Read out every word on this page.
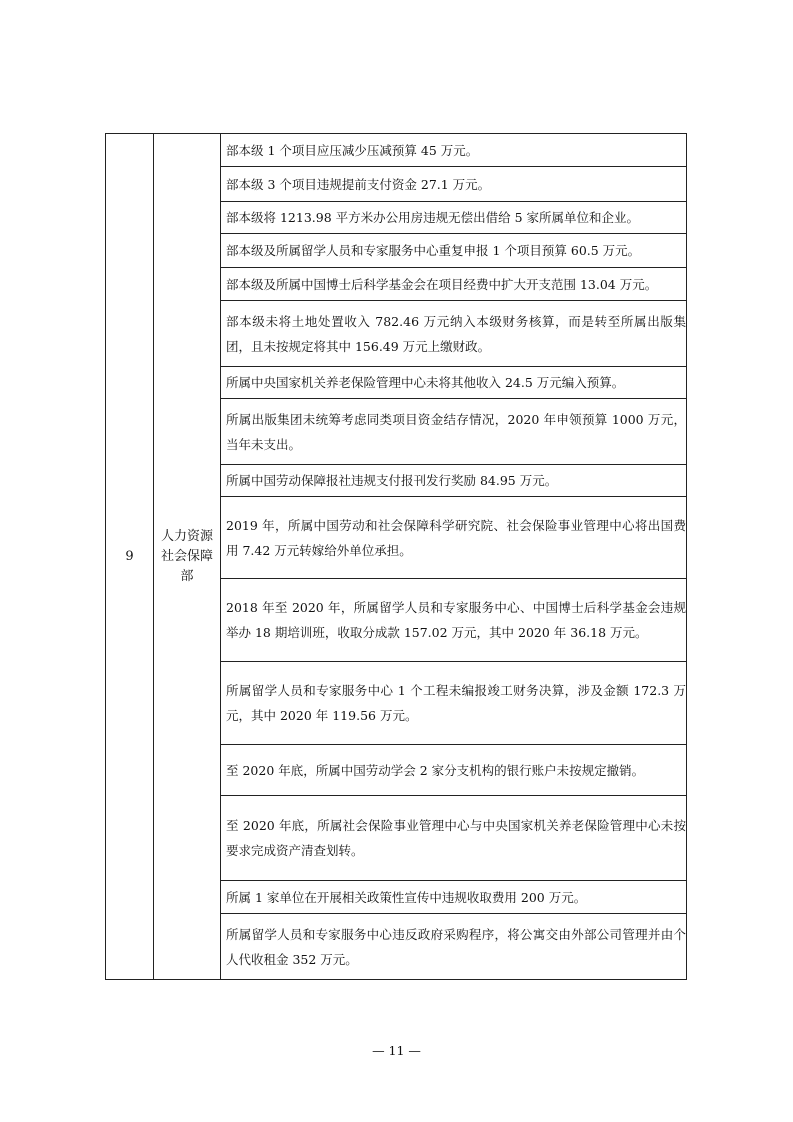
9	
人力资源
社会保障
部
	部本级 1 个项目应压减少压减预算 45 万元。
部本级 3 个项目违规提前支付资金 27.1 万元。
部本级将 1213.98 平方米办公用房违规无偿出借给 5 家所属单位和企业。
部本级及所属留学人员和专家服务中心重复申报 1 个项目预算 60.5 万元。
部本级及所属中国博士后科学基金会在项目经费中扩大开支范围 13.04 万元。
部本级未将土地处置收入 782.46 万元纳入本级财务核算，而是转至所属出版集团，且未按规定将其中 156.49 万元上缴财政。
所属中央国家机关养老保险管理中心未将其他收入 24.5 万元编入预算。
所属出版集团未统筹考虑同类项目资金结存情况，2020 年申领预算 1000 万元，当年未支出。
所属中国劳动保障报社违规支付报刊发行奖励 84.95 万元。
2019 年，所属中国劳动和社会保障科学研究院、社会保险事业管理中心将出国费用 7.42 万元转嫁给外单位承担。
2018 年至 2020 年，所属留学人员和专家服务中心、中国博士后科学基金会违规举办 18 期培训班，收取分成款 157.02 万元，其中 2020 年 36.18 万元。
所属留学人员和专家服务中心 1 个工程未编报竣工财务决算，涉及金额 172.3 万元，其中 2020 年 119.56 万元。
至 2020 年底，所属中国劳动学会 2 家分支机构的银行账户未按规定撤销。
至 2020 年底，所属社会保险事业管理中心与中央国家机关养老保险管理中心未按要求完成资产清查划转。
所属 1 家单位在开展相关政策性宣传中违规收取费用 200 万元。
所属留学人员和专家服务中心违反政府采购程序，将公寓交由外部公司管理并由个人代收租金 352 万元。
— 11 —
